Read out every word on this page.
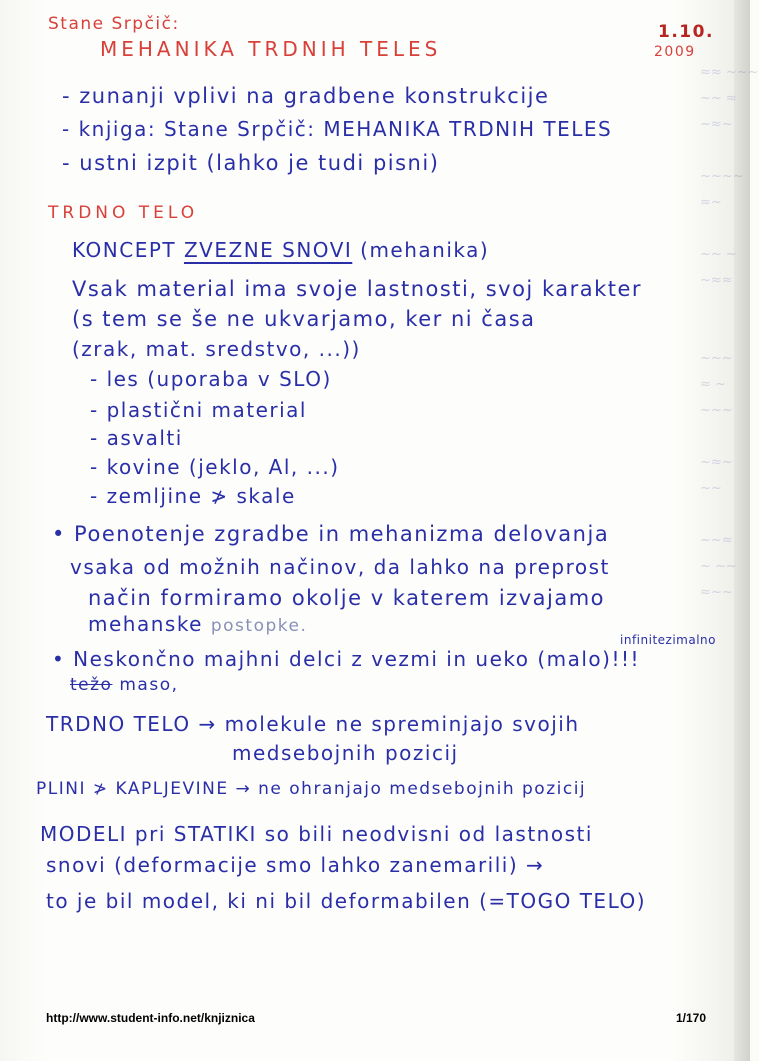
≈≈ ~~~
~~ ≈
~≈~

~~~~
≈~

~~ ~
~≈≈

~~~
≈ ~
~~~

~≈~
~~

~~≈
~ ~~
≈~~
Stane Srpčič:
MEHANIKA TRDNIH TELES
1.10.
2009
- zunanji vplivi na gradbene konstrukcije
- knjiga: Stane Srpčič: MEHANIKA TRDNIH TELES
- ustni izpit (lahko je tudi pisni)
TRDNO TELO
KONCEPT ZVEZNE SNOVI (mehanika)
Vsak material ima svoje lastnosti, svoj karakter
(s tem se še ne ukvarjamo, ker ni časa
(zrak, mat. sredstvo, ...))
- les (uporaba v SLO)
- plastični material
- asvalti
- kovine (jeklo, Al, ...)
- zemljine ≯ skale
• Poenotenje zgradbe in mehanizma delovanja
vsaka od možnih načinov, da lahko na preprost
način formiramo okolje v katerem izvajamo
mehanske postopke.
infinitezimalno
• Neskončno majhni delci z vezmi in ueko (malo)!!!
težo maso,
TRDNO TELO → molekule ne spreminjajo svojih
medsebojnih pozicij
PLINI ≯ KAPLJEVINE → ne ohranjajo medsebojnih pozicij
MODELI pri STATIKI so bili neodvisni od lastnosti
snovi (deformacije smo lahko zanemarili) →
to je bil model, ki ni bil deformabilen (=TOGO TELO)
http://www.student-info.net/knjiznica	1/170
